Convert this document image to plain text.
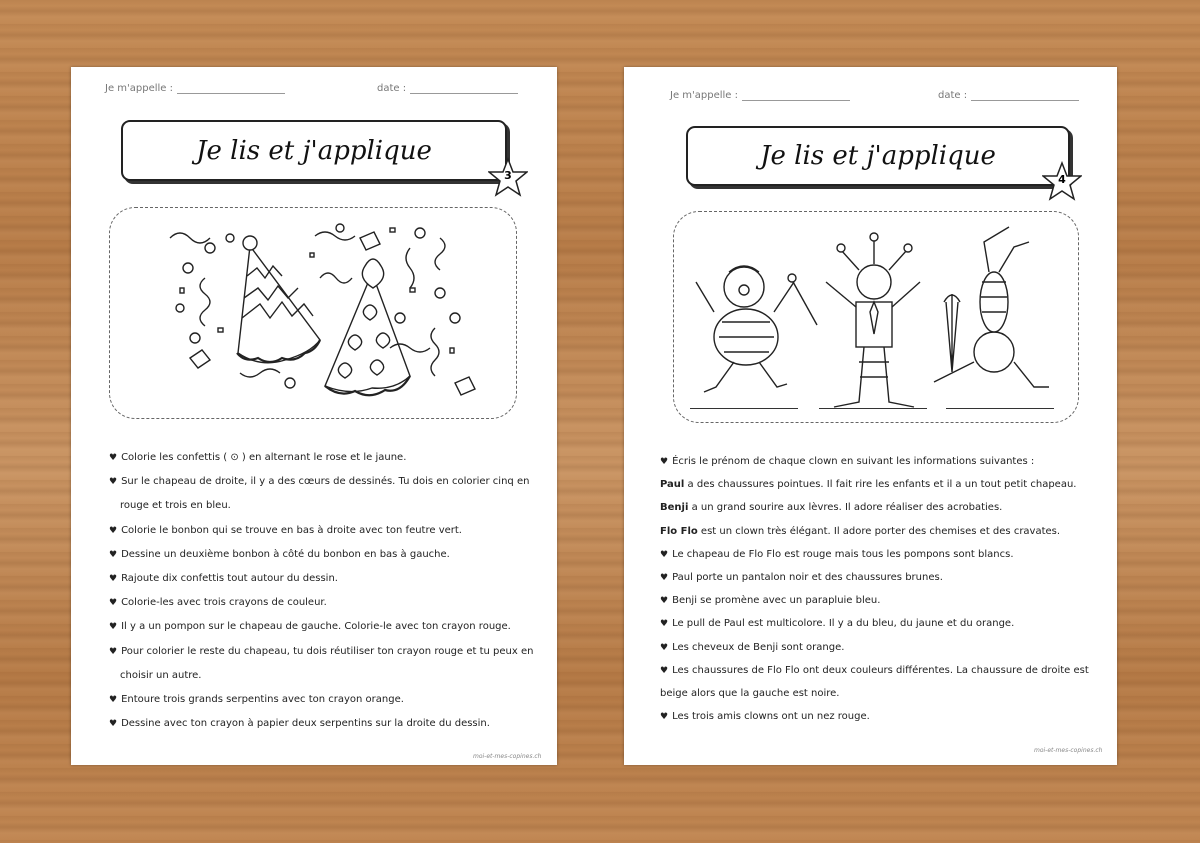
Je m'appelle :	date :
Je lis et j'applique
3
♥ Colorie les confettis ( ⊙ ) en alternant le rose et le jaune.
♥ Sur le chapeau de droite, il y a des cœurs de dessinés. Tu dois en colorier cinq en
rouge et trois en bleu.
♥ Colorie le bonbon qui se trouve en bas à droite avec ton feutre vert.
♥ Dessine un deuxième bonbon à côté du bonbon en bas à gauche.
♥ Rajoute dix confettis tout autour du dessin.
♥ Colorie-les avec trois crayons de couleur.
♥ Il y a un pompon sur le chapeau de gauche. Colorie-le avec ton crayon rouge.
♥ Pour colorier le reste du chapeau, tu dois réutiliser ton crayon rouge et tu peux en
choisir un autre.
♥ Entoure trois grands serpentins avec ton crayon orange.
♥ Dessine avec ton crayon à papier deux serpentins sur la droite du dessin.
moi-et-mes-copines.ch
Je m'appelle :	date :
Je lis et j'applique
4
♥ Écris le prénom de chaque clown en suivant les informations suivantes :
Paul a des chaussures pointues. Il fait rire les enfants et il a un tout petit chapeau.
Benji a un grand sourire aux lèvres. Il adore réaliser des acrobaties.
Flo Flo est un clown très élégant. Il adore porter des chemises et des cravates.
♥ Le chapeau de Flo Flo est rouge mais tous les pompons sont blancs.
♥ Paul porte un pantalon noir et des chaussures brunes.
♥ Benji se promène avec un parapluie bleu.
♥ Le pull de Paul est multicolore. Il y a du bleu, du jaune et du orange.
♥ Les cheveux de Benji sont orange.
♥ Les chaussures de Flo Flo ont deux couleurs différentes. La chaussure de droite est
beige alors que la gauche est noire.
♥ Les trois amis clowns ont un nez rouge.
moi-et-mes-copines.ch
